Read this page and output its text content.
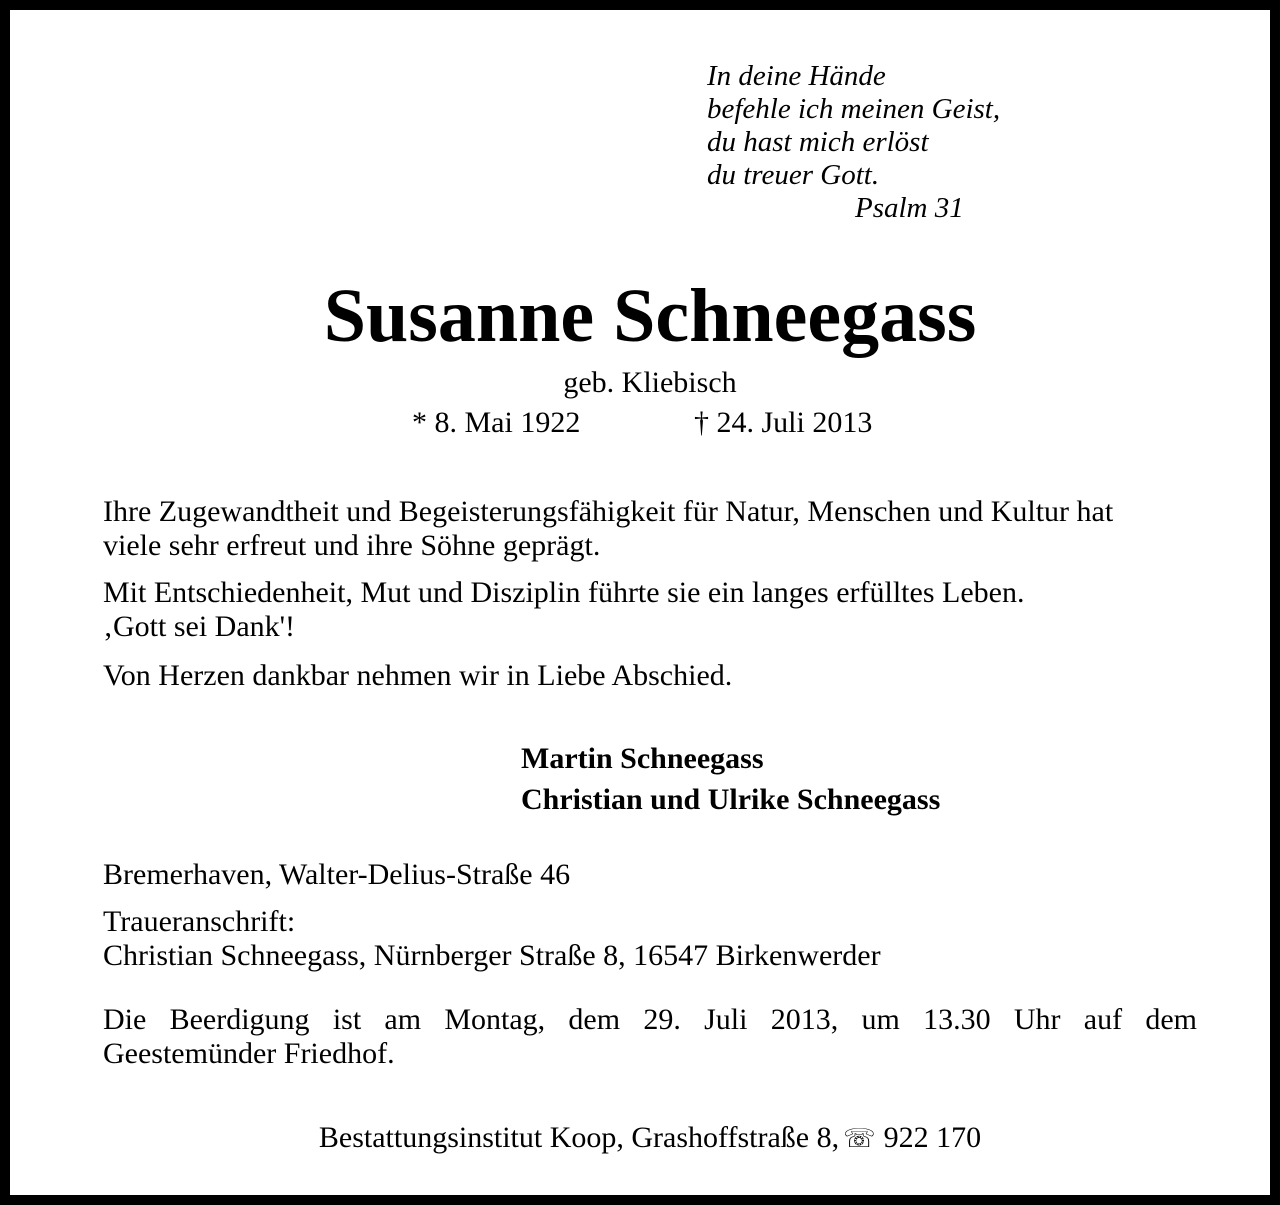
In deine Hände
befehle ich meinen Geist,
du hast mich erlöst
du treuer Gott.
Psalm 31
Susanne Schneegass
geb. Kliebisch
* 8. Mai 1922	† 24. Juli 2013
Ihre Zugewandtheit und Begeisterungsfähigkeit für Natur, Menschen und Kultur hat
viele sehr erfreut und ihre Söhne geprägt.
Mit Entschiedenheit, Mut und Disziplin führte sie ein langes erfülltes Leben.
‚Gott sei Dank'!
Von Herzen dankbar nehmen wir in Liebe Abschied.
Martin Schneegass
Christian und Ulrike Schneegass
Bremerhaven, Walter-Delius-Straße 46
Traueranschrift:
Christian Schneegass, Nürnberger Straße 8, 16547 Birkenwerder
Die Beerdigung ist am Montag, dem 29. Juli 2013, um 13.30 Uhr auf dem
Geestemünder Friedhof.
Bestattungsinstitut Koop, Grashoffstraße 8, ☏ 922 170
